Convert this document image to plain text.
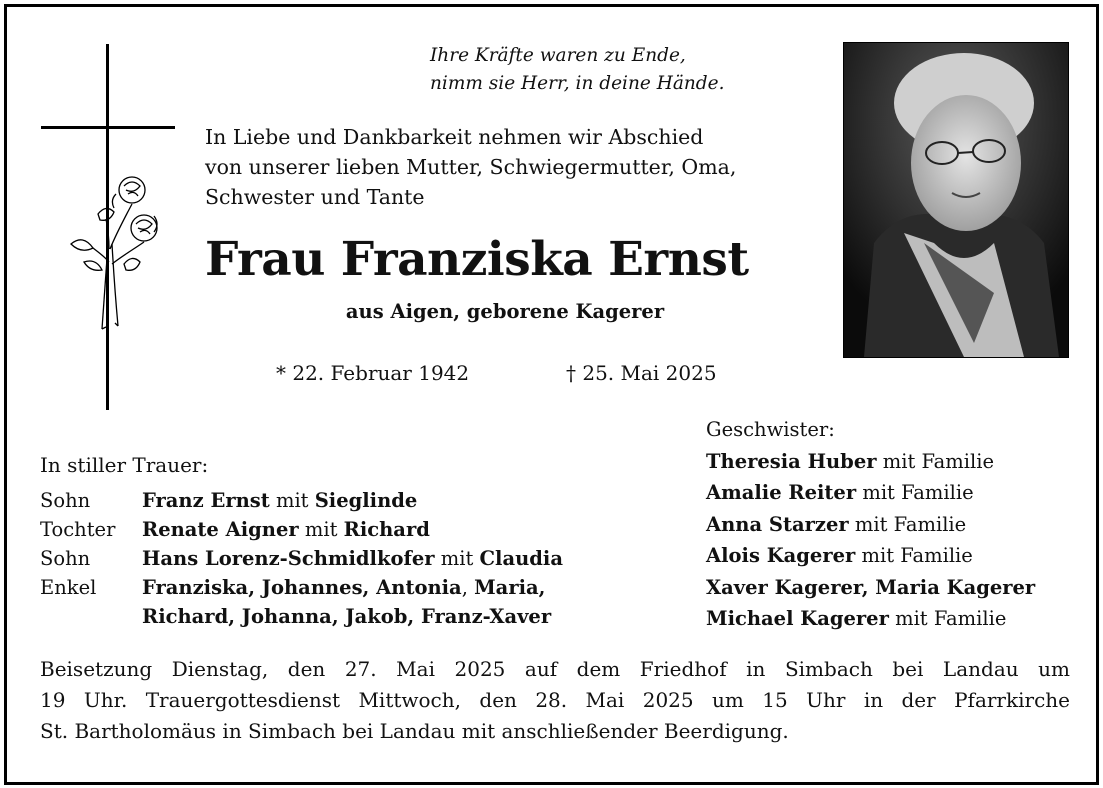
Ihre Kräfte waren zu Ende,
nimm sie Herr, in deine Hände.
In Liebe und Dankbarkeit nehmen wir Abschied
von unserer lieben Mutter, Schwiegermutter, Oma,
Schwester und Tante
Frau Franziska Ernst
aus Aigen, geborene Kagerer
* 22. Februar 1942	† 25. Mai 2025
In stiller Trauer:
Sohn	Franz Ernst mit Sieglinde
Tochter	Renate Aigner mit Richard
Sohn	Hans Lorenz-Schmidlkofer mit Claudia
Enkel	Franziska, Johannes, Antonia , Maria,
Richard, Johanna, Jakob, Franz-Xaver
Geschwister:
Theresia Huber mit Familie
Amalie Reiter mit Familie
Anna Starzer mit Familie
Alois Kagerer mit Familie
Xaver Kagerer, Maria Kagerer
Michael Kagerer mit Familie
Beisetzung Dienstag, den 27. Mai 2025 auf dem Friedhof in Simbach bei Landau um
19 Uhr. Trauergottesdienst Mittwoch, den 28. Mai 2025 um 15 Uhr in der Pfarrkirche
St. Bartholomäus in Simbach bei Landau mit anschließender Beerdigung.
